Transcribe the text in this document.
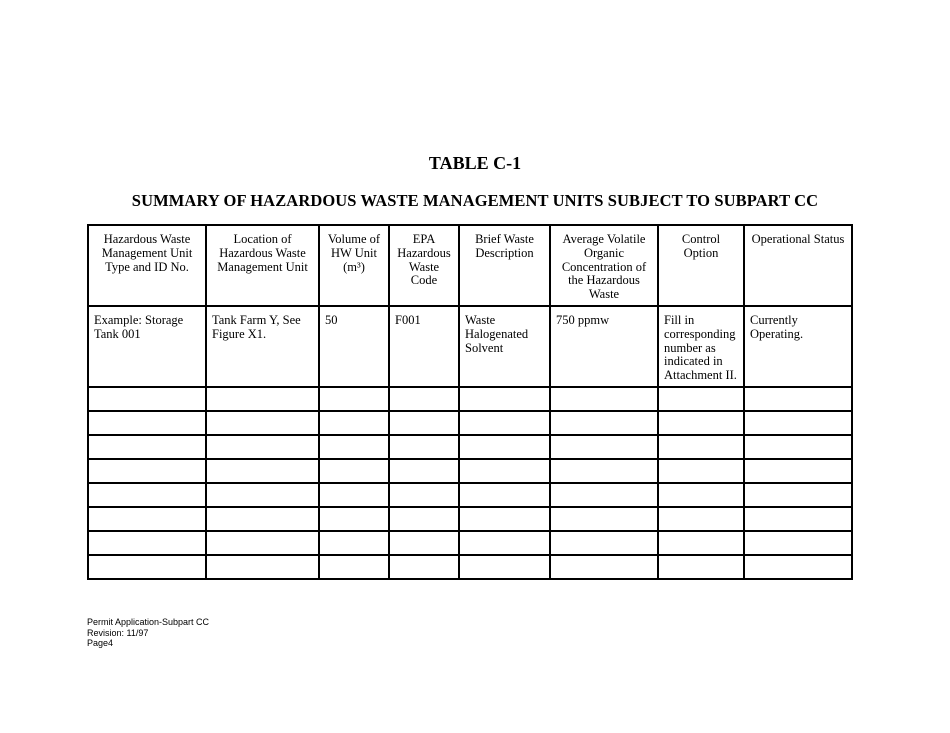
TABLE C-1
SUMMARY OF HAZARDOUS WASTE MANAGEMENT UNITS SUBJECT TO SUBPART CC
Hazardous Waste Management Unit Type and ID No.	Location of Hazardous Waste Management Unit	Volume of HW Unit (m³)	EPA Hazardous Waste Code	Brief Waste Description	Average Volatile Organic Concentration of the Hazardous Waste	Control Option	Operational Status
Example: Storage Tank 001	Tank Farm Y, See Figure X1.	50	F001	Waste Halogenated Solvent	750 ppmw	Fill in corresponding number as indicated in Attachment II.	Currently Operating.

Permit Application-Subpart CC
Revision: 11/97
Page4
